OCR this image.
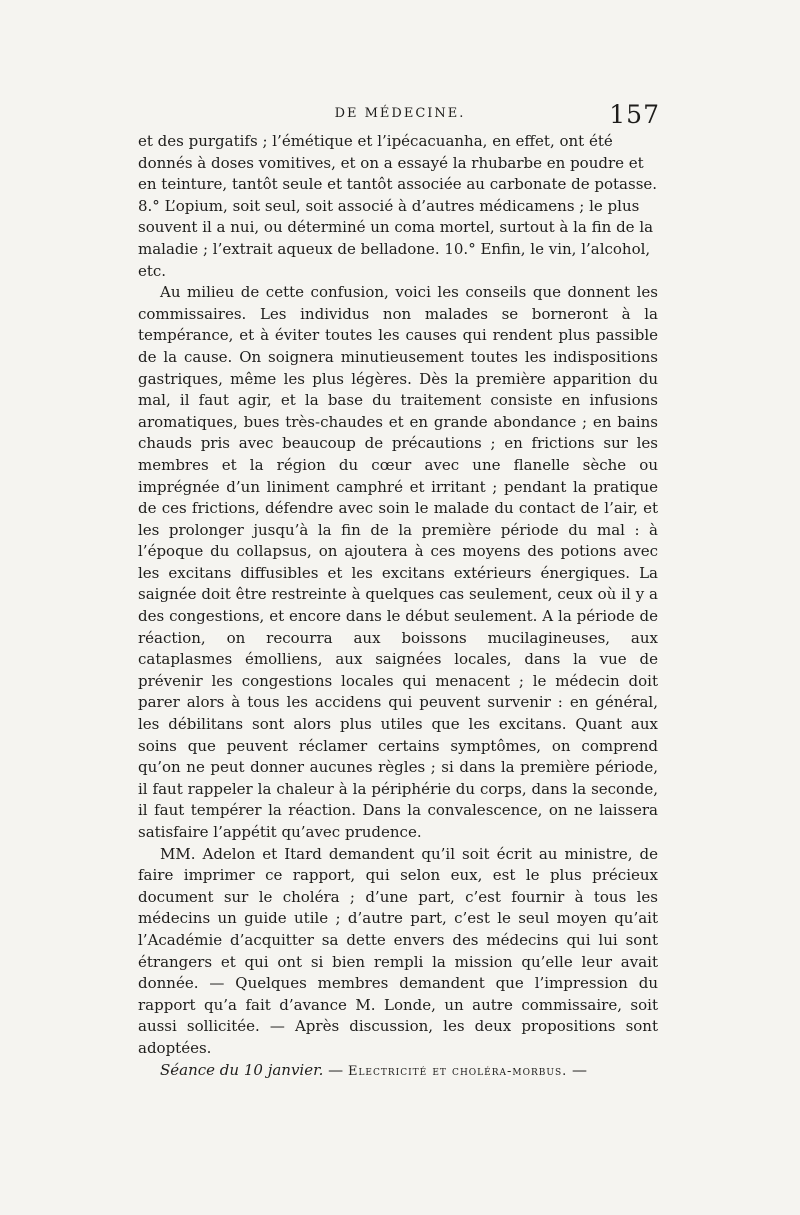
DE MÉDECINE.	157

et des purgatifs ; l’émétique et l’ipécacuanha, en effet, ont été donnés à doses vomitives, et on a essayé la rhubarbe en poudre et en teinture, tantôt seule et tantôt associée au carbonate de potasse. 8.° L’opium, soit seul, soit associé à d’autres médicamens ; le plus souvent il a nui, ou déterminé un coma mortel, surtout à la fin de la maladie ; l’extrait aqueux de belladone. 10.° Enfin, le vin, l’alcohol, etc.

Au milieu de cette confusion, voici les conseils que donnent les commissaires. Les individus non malades se borneront à la tempérance, et à éviter toutes les causes qui rendent plus passible de la cause. On soignera minutieusement toutes les indispositions gastriques, même les plus légères. Dès la première apparition du mal, il faut agir, et la base du traitement consiste en infusions aromatiques, bues très-chaudes et en grande abondance ; en bains chauds pris avec beaucoup de précautions ; en frictions sur les membres et la région du cœur avec une flanelle sèche ou imprégnée d’un liniment camphré et irritant ; pendant la pratique de ces frictions, défendre avec soin le malade du contact de l’air, et les prolonger jusqu’à la fin de la première période du mal : à l’époque du collapsus, on ajoutera à ces moyens des potions avec les excitans diffusibles et les excitans extérieurs énergiques. La saignée doit être restreinte à quelques cas seulement, ceux où il y a des congestions, et encore dans le début seulement. A la période de réaction, on recourra aux boissons mucilagineuses, aux cataplasmes émolliens, aux saignées locales, dans la vue de prévenir les congestions locales qui menacent ; le médecin doit parer alors à tous les accidens qui peuvent survenir : en général, les débilitans sont alors plus utiles que les excitans. Quant aux soins que peuvent réclamer certains symptômes, on comprend qu’on ne peut donner aucunes règles ; si dans la première période, il faut rappeler la chaleur à la périphérie du corps, dans la seconde, il faut tempérer la réaction. Dans la convalescence, on ne laissera satisfaire l’appétit qu’avec prudence.

MM. Adelon et Itard demandent qu’il soit écrit au ministre, de faire imprimer ce rapport, qui selon eux, est le plus précieux document sur le choléra ; d’une part, c’est fournir à tous les médecins un guide utile ; d’autre part, c’est le seul moyen qu’ait l’Académie d’acquitter sa dette envers des médecins qui lui sont étrangers et qui ont si bien rempli la mission qu’elle leur avait donnée. — Quelques membres demandent que l’impression du rapport qu’a fait d’avance M. Londe, un autre commissaire, soit aussi sollicitée. — Après discussion, les deux propositions sont adoptées.

Séance du 10 janvier. — Electricité et choléra-morbus. —
